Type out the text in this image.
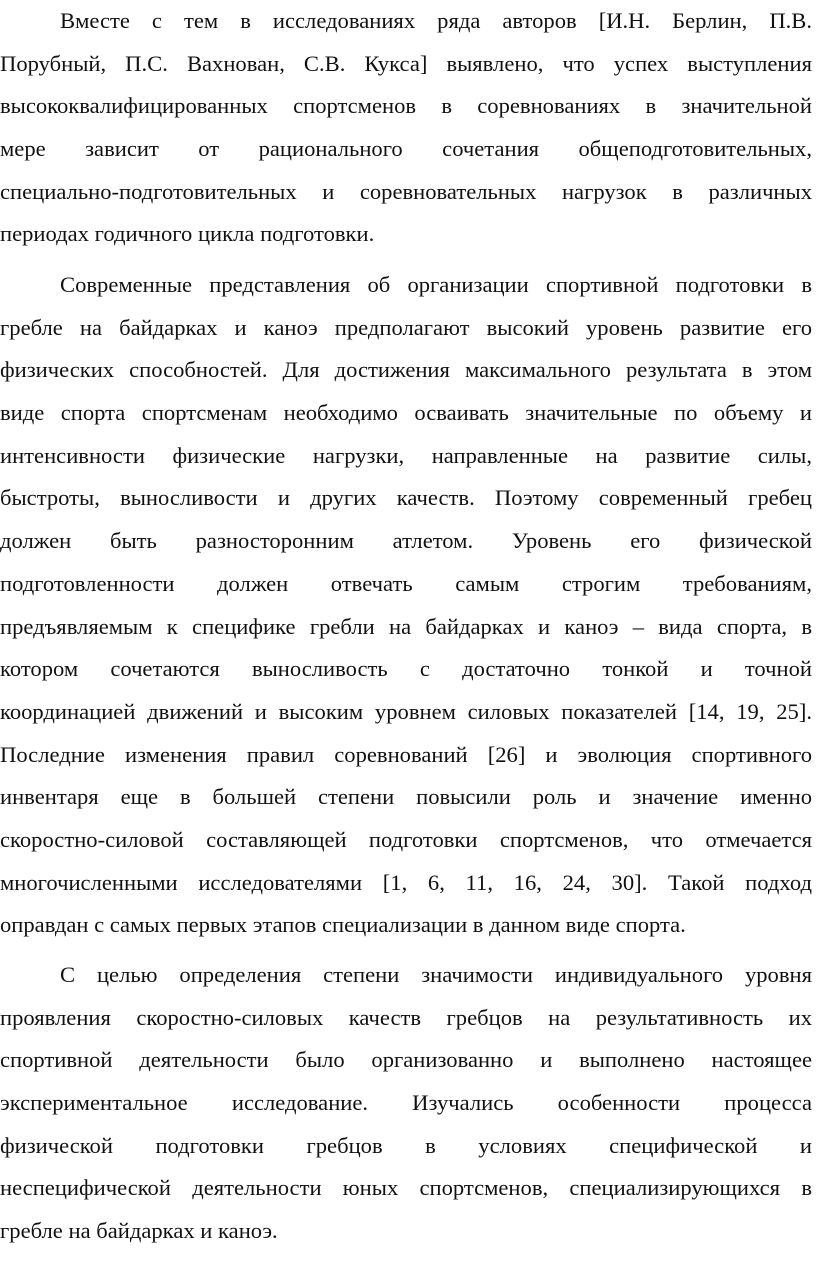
Вместе с тем в исследованиях ряда авторов [И.Н. Берлин, П.В.
Порубный, П.С. Вахнован, С.В. Кукса] выявлено, что успех выступления
высококвалифицированных спортсменов в соревнованиях в значительной
мере зависит от рационального сочетания общеподготовительных,
специально-подготовительных и соревновательных нагрузок в различных
периодах годичного цикла подготовки.
Современные представления об организации спортивной подготовки в
гребле на байдарках и каноэ предполагают высокий уровень развитие его
физических способностей. Для достижения максимального результата в этом
виде спорта спортсменам необходимо осваивать значительные по объему и
интенсивности физические нагрузки, направленные на развитие силы,
быстроты, выносливости и других качеств. Поэтому современный гребец
должен быть разносторонним атлетом. Уровень его физической
подготовленности должен отвечать самым строгим требованиям,
предъявляемым к специфике гребли на байдарках и каноэ – вида спорта, в
котором сочетаются выносливость с достаточно тонкой и точной
координацией движений и высоким уровнем силовых показателей [14, 19, 25].
Последние изменения правил соревнований [26] и эволюция спортивного
инвентаря еще в большей степени повысили роль и значение именно
скоростно-силовой составляющей подготовки спортсменов, что отмечается
многочисленными исследователями [1, 6, 11, 16, 24, 30]. Такой подход
оправдан с самых первых этапов специализации в данном виде спорта.
С целью определения степени значимости индивидуального уровня
проявления скоростно-силовых качеств гребцов на результативность их
спортивной деятельности было организованно и выполнено настоящее
экспериментальное исследование. Изучались особенности процесса
физической подготовки гребцов в условиях специфической и
неспецифической деятельности юных спортсменов, специализирующихся в
гребле на байдарках и каноэ.
